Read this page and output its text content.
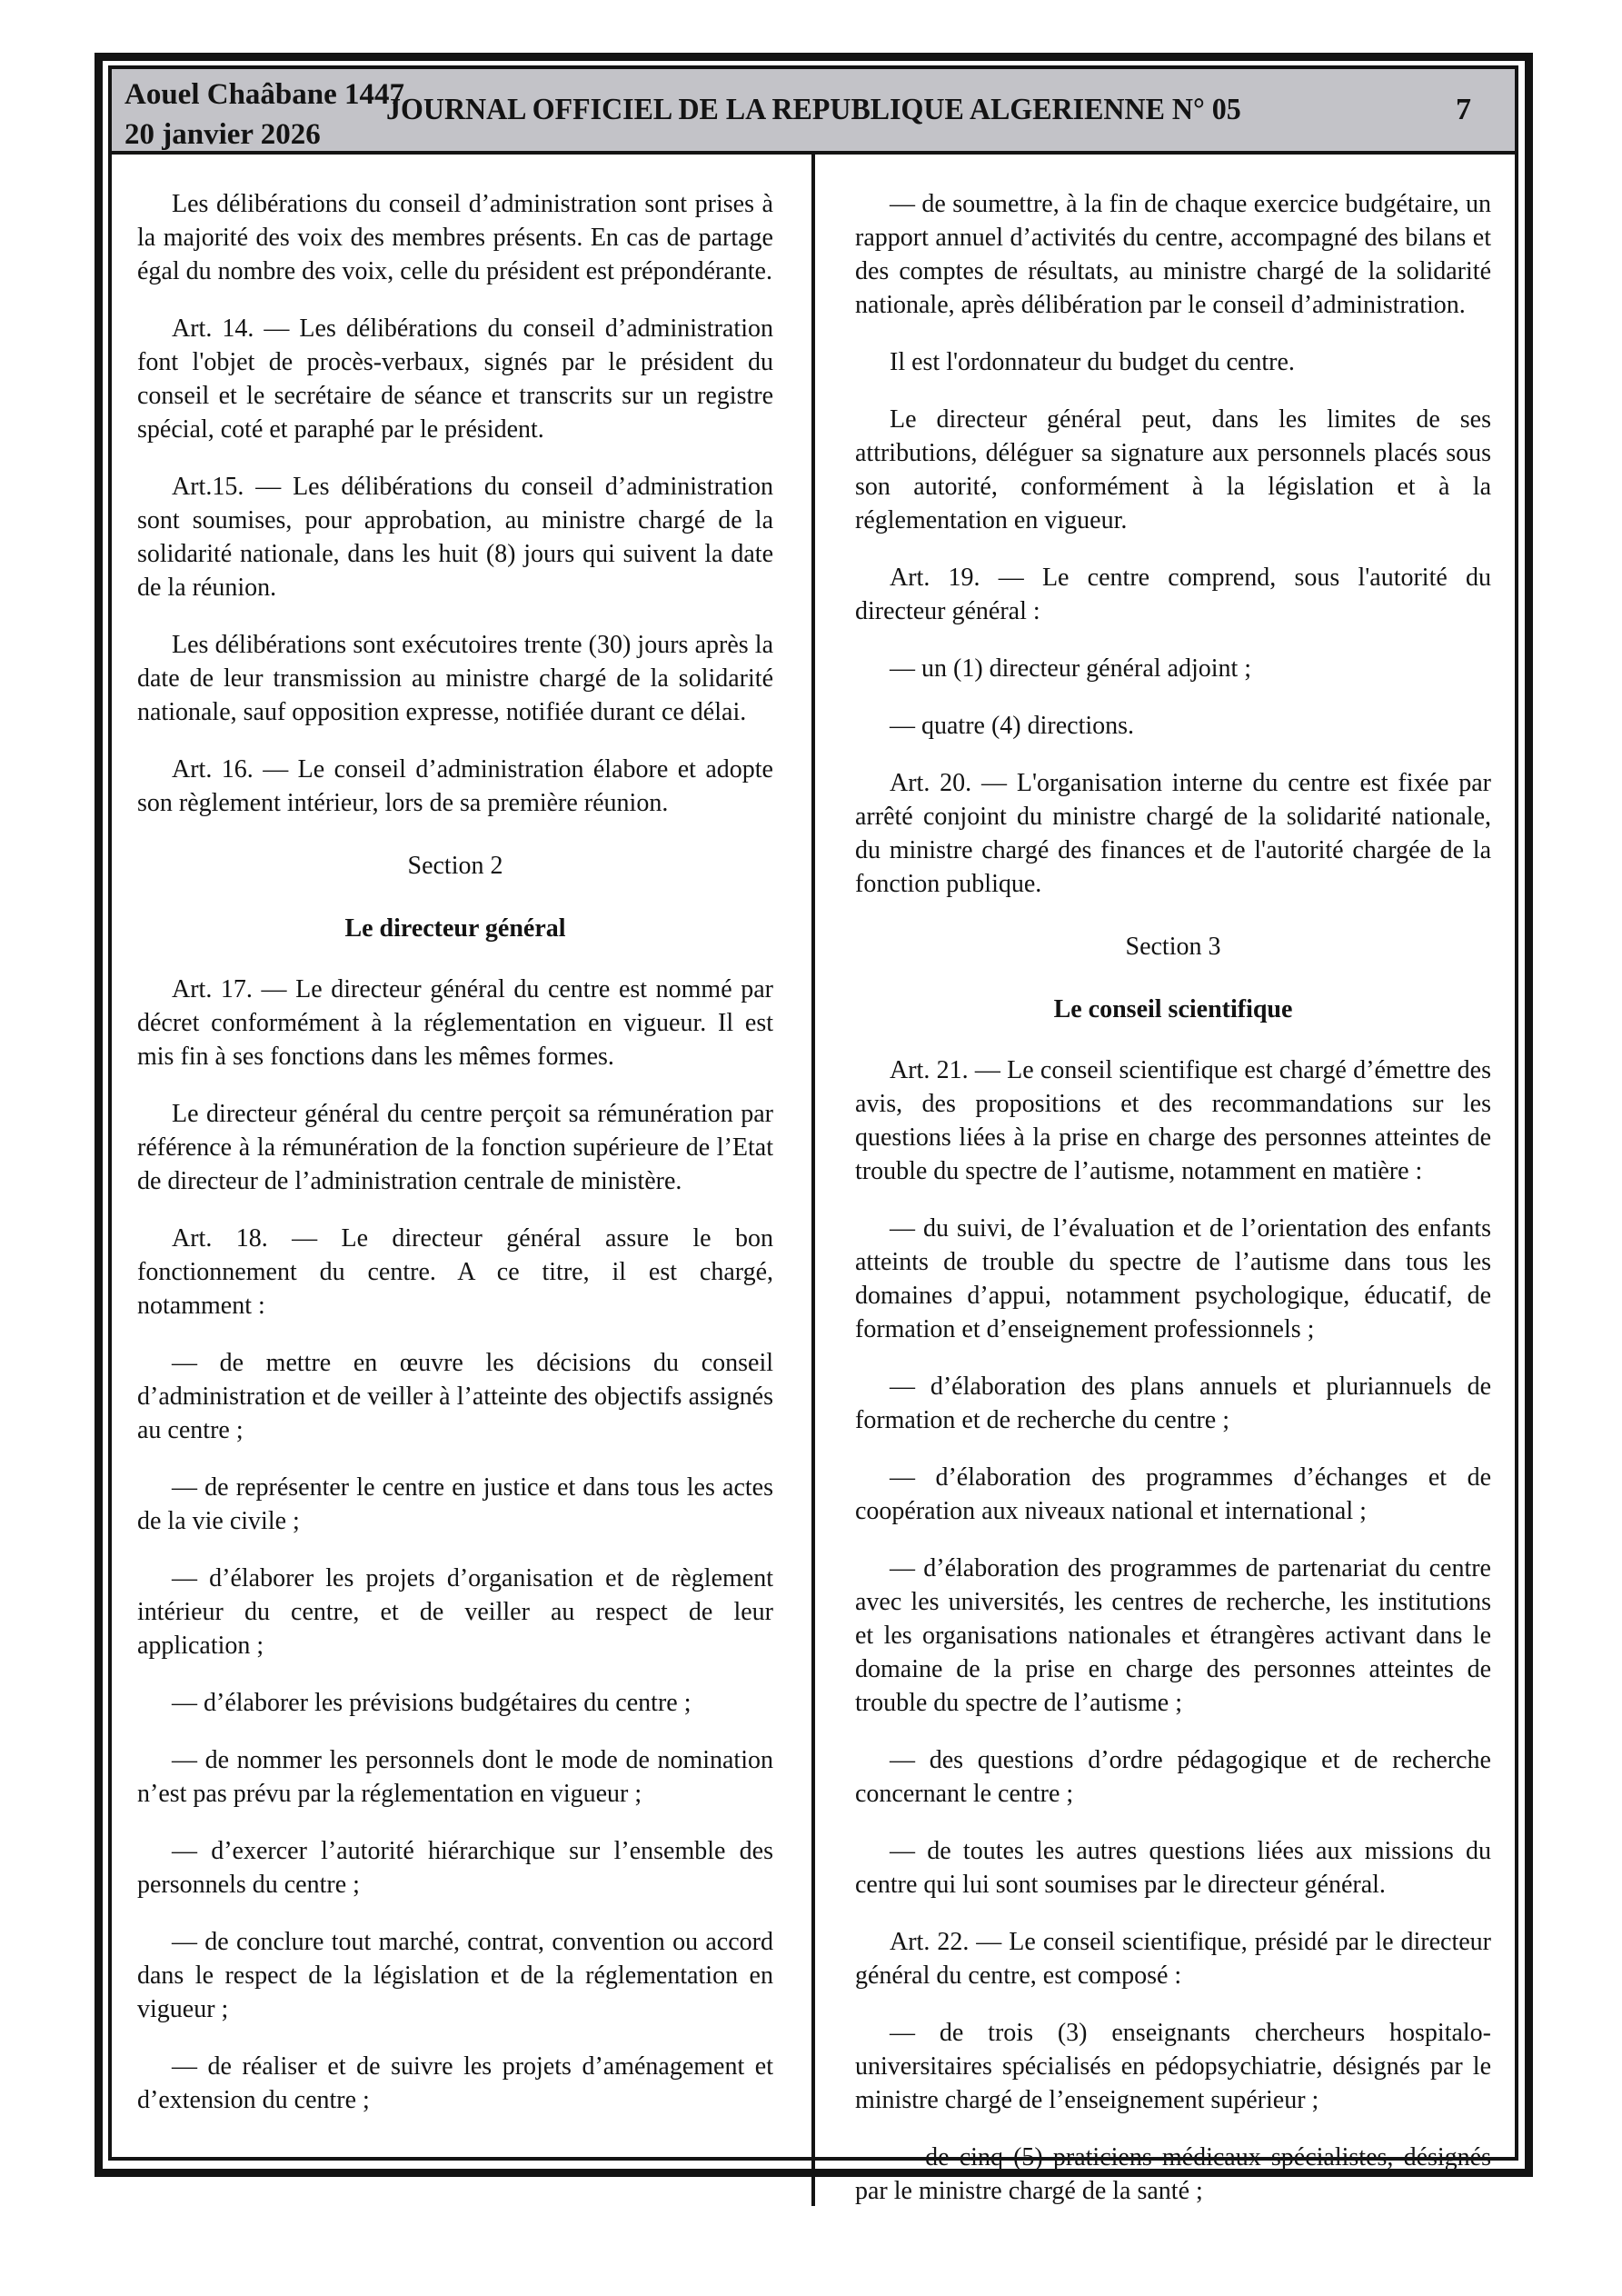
Aouel Chaâbane 1447
20 janvier 2026
JOURNAL OFFICIEL DE LA REPUBLIQUE ALGERIENNE N° 05	7

Les délibérations du conseil d’administration sont prises à la majorité des voix des membres présents. En cas de partage égal du nombre des voix, celle du président est prépondérante.

Art. 14. — Les délibérations du conseil d’administration font l'objet de procès-verbaux, signés par le président du conseil et le secrétaire de séance et transcrits sur un registre spécial, coté et paraphé par le président.

Art.15. — Les délibérations du conseil d’administration sont soumises, pour approbation, au ministre chargé de la solidarité nationale, dans les huit (8) jours qui suivent la date de la réunion.

Les délibérations sont exécutoires trente (30) jours après la date de leur transmission au ministre chargé de la solidarité nationale, sauf opposition expresse, notifiée durant ce délai.

Art. 16. — Le conseil d’administration élabore et adopte son règlement intérieur, lors de sa première réunion.

Section 2

Le directeur général

Art. 17. — Le directeur général du centre est nommé par décret conformément à la réglementation en vigueur. Il est mis fin à ses fonctions dans les mêmes formes.

Le directeur général du centre perçoit sa rémunération par référence à la rémunération de la fonction supérieure de l’Etat de directeur de l’administration centrale de ministère.

Art. 18. — Le directeur général assure le bon fonctionnement du centre. A ce titre, il est chargé, notamment :

— de mettre en œuvre les décisions du conseil d’administration et de veiller à l’atteinte des objectifs assignés au centre ;

— de représenter le centre en justice et dans tous les actes de la vie civile ;

— d’élaborer les projets d’organisation et de règlement intérieur du centre, et de veiller au respect de leur application ;

— d’élaborer les prévisions budgétaires du centre ;

— de nommer les personnels dont le mode de nomination n’est pas prévu par la réglementation en vigueur ;

— d’exercer l’autorité hiérarchique sur l’ensemble des personnels du centre ;

— de conclure tout marché, contrat, convention ou accord dans le respect de la législation et de la réglementation en vigueur ;

— de réaliser et de suivre les projets d’aménagement et d’extension du centre ;

— de soumettre, à la fin de chaque exercice budgétaire, un rapport annuel d’activités du centre, accompagné des bilans et des comptes de résultats, au ministre chargé de la solidarité nationale, après délibération par le conseil d’administration.

Il est l'ordonnateur du budget du centre.

Le directeur général peut, dans les limites de ses attributions, déléguer sa signature aux personnels placés sous son autorité, conformément à la législation et à la réglementation en vigueur.

Art. 19. — Le centre comprend, sous l'autorité du directeur général :

— un (1) directeur général adjoint ;

— quatre (4) directions.

Art. 20. — L'organisation interne du centre est fixée par arrêté conjoint du ministre chargé de la solidarité nationale, du ministre chargé des finances et de l'autorité chargée de la fonction publique.

Section 3

Le conseil scientifique

Art. 21. — Le conseil scientifique est chargé d’émettre des avis, des propositions et des recommandations sur les questions liées à la prise en charge des personnes atteintes de trouble du spectre de l’autisme, notamment en matière :

— du suivi, de l’évaluation et de l’orientation des enfants atteints de trouble du spectre de l’autisme dans tous les domaines d’appui, notamment psychologique, éducatif, de formation et d’enseignement professionnels ;

— d’élaboration des plans annuels et pluriannuels de formation et de recherche du centre ;

— d’élaboration des programmes d’échanges et de coopération aux niveaux national et international ;

— d’élaboration des programmes de partenariat du centre avec les universités, les centres de recherche, les institutions et les organisations nationales et étrangères activant dans le domaine de la prise en charge des personnes atteintes de trouble du spectre de l’autisme ;

— des questions d’ordre pédagogique et de recherche concernant le centre ;

— de toutes les autres questions liées aux missions du centre qui lui sont soumises par le directeur général.

Art. 22. — Le conseil scientifique, présidé par le directeur général du centre, est composé :

— de trois (3) enseignants chercheurs hospitalo-universitaires spécialisés en pédopsychiatrie, désignés par le ministre chargé de l’enseignement supérieur ;

— de cinq (5) praticiens médicaux spécialistes, désignés par le ministre chargé de la santé ;
